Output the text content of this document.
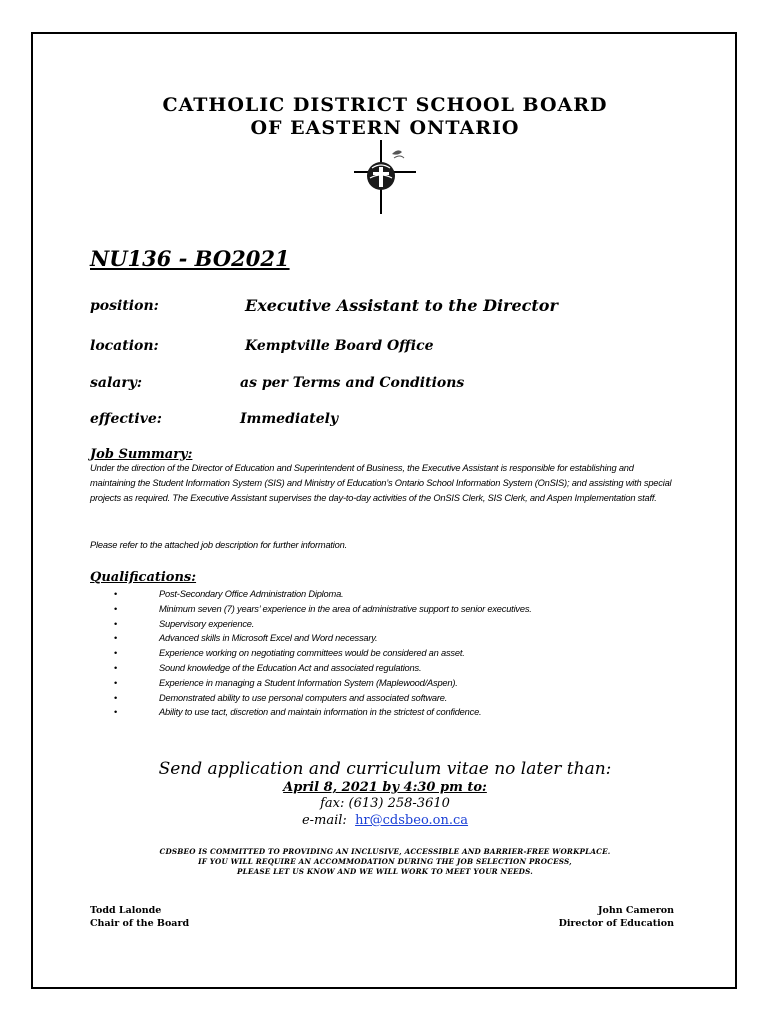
CATHOLIC DISTRICT SCHOOL BOARD
OF EASTERN ONTARIO
NU136 - BO2021
position:	Executive Assistant to the Director
location:	Kemptville Board Office
salary:	as per Terms and Conditions
effective:	Immediately
Job Summary:
Under the direction of the Director of Education and Superintendent of Business, the Executive Assistant is responsible for establishing and maintaining the Student Information System (SIS) and Ministry of Education’s Ontario School Information System (OnSIS); and assisting with special projects as required. The Executive Assistant supervises the day-to-day activities of the OnSIS Clerk, SIS Clerk, and Aspen Implementation staff.
Please refer to the attached job description for further information.
Qualifications:
•	Post-Secondary Office Administration Diploma.
•	Minimum seven (7) years’ experience in the area of administrative support to senior executives.
•	Supervisory experience.
•	Advanced skills in Microsoft Excel and Word necessary.
•	Experience working on negotiating committees would be considered an asset.
•	Sound knowledge of the Education Act and associated regulations.
•	Experience in managing a Student Information System (Maplewood/Aspen).
•	Demonstrated ability to use personal computers and associated software.
•	Ability to use tact, discretion and maintain information in the strictest of confidence.
Send application and curriculum vitae no later than:
April 8, 2021 by 4:30 pm to:
fax: (613) 258-3610
e-mail: hr@cdsbeo.on.ca
CDSBEO IS COMMITTED TO PROVIDING AN INCLUSIVE, ACCESSIBLE AND BARRIER-FREE WORKPLACE.
IF YOU WILL REQUIRE AN ACCOMMODATION DURING THE JOB SELECTION PROCESS,
PLEASE LET US KNOW AND WE WILL WORK TO MEET YOUR NEEDS.
Todd Lalonde
Chair of the Board
John Cameron
Director of Education
